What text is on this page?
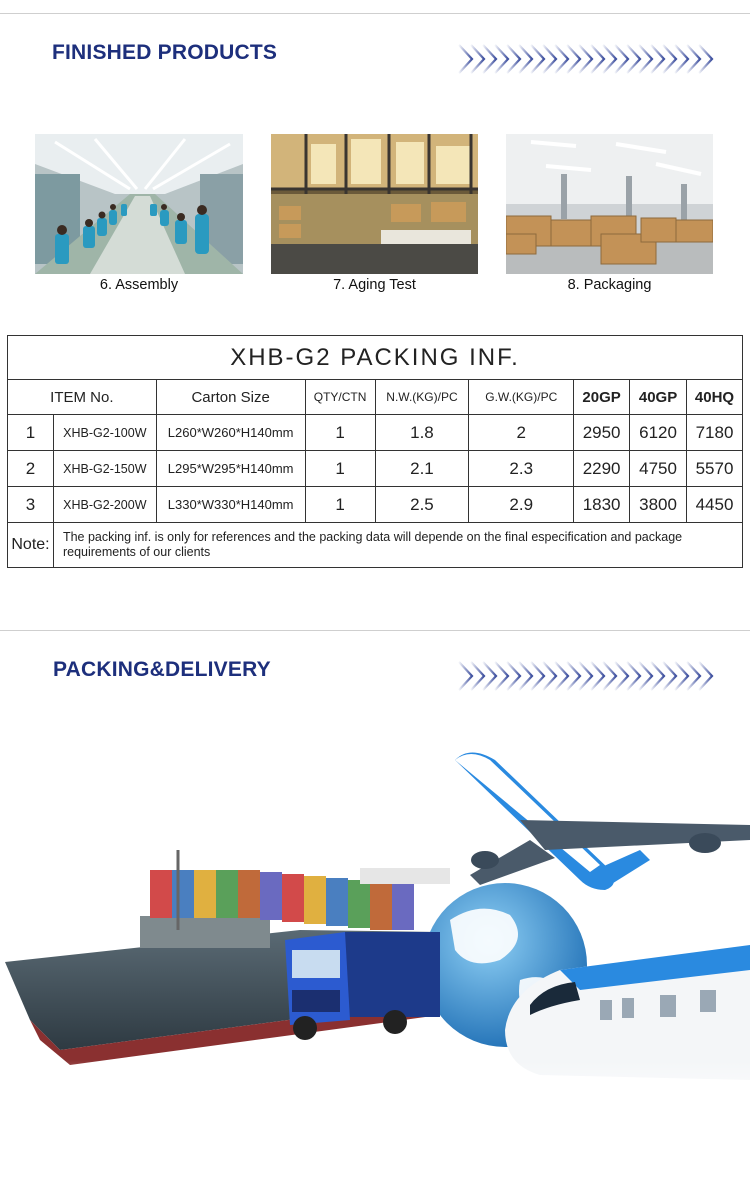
FINISHED PRODUCTS
6. Assembly	7. Aging Test	8. Packaging
XHB-G2 PACKING INF.								
ITEM No.		Carton Size	QTY/CTN	N.W.(KG)/PC	G.W.(KG)/PC	20GP	40GP	40HQ
1	XHB-G2-100W	L260*W260*H140mm	1	1.8	2	2950	6120	7180
2	XHB-G2-150W	L295*W295*H140mm	1	2.1	2.3	2290	4750	5570
3	XHB-G2-200W	L330*W330*H140mm	1	2.5	2.9	1830	3800	4450
Note:	The packing inf. is only for references and the packing data will depende on the final especification and package requirements of our clients							
PACKING&DELIVERY
